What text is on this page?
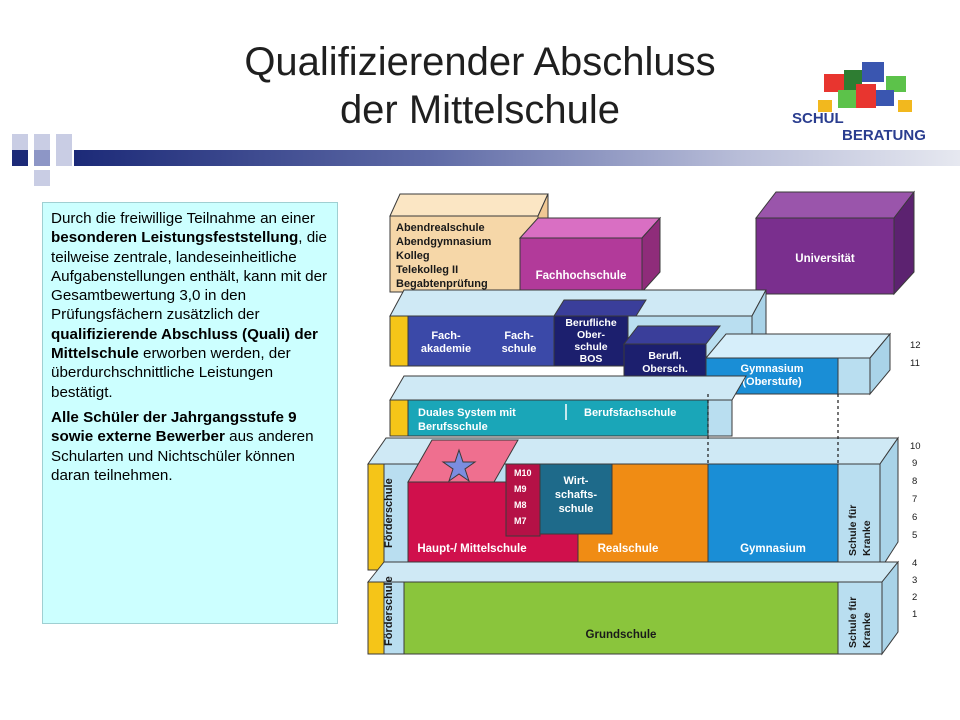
Qualifizierender Abschluss
der Mittelschule	SCHUL
BERATUNG

Durch die freiwillige Teilnahme an einer besonderen Leistungsfeststellung, die teilweise zentrale, landeseinheitliche Aufgabenstellungen enthält, kann mit der Gesamtbewertung 3,0 in den Prüfungsfächern zusätzlich der qualifizierende Abschluss (Quali) der Mittelschule erworben werden, der überdurchschnittliche Leistungen bestätigt.

Alle Schüler der Jahrgangsstufe 9 sowie externe Bewerber aus anderen Schularten und Nichtschüler können daran teilnehmen.

Abendrealschule
Abendgymnasium
Kolleg
Telekolleg II
Begabtenprüfung
Fachhochschule
Universität
Fach-
akademie
Fach-
schule
Berufliche
Ober-
schule
BOS	Berufl.
Obersch.	Gymnasium
(Oberstufe)
Duales System mit
Berufsschule
Berufsfachschule
Förderschule
Haupt-/ Mittelschule
M10
M9
M8
M7
Realschule
Wirt-
schafts-
schule
Gymnasium	Schule für Kranke
Förderschule	Grundschule	Schule für Kranke
12
11
10
9
8
7
6
5
4
3
2
1
